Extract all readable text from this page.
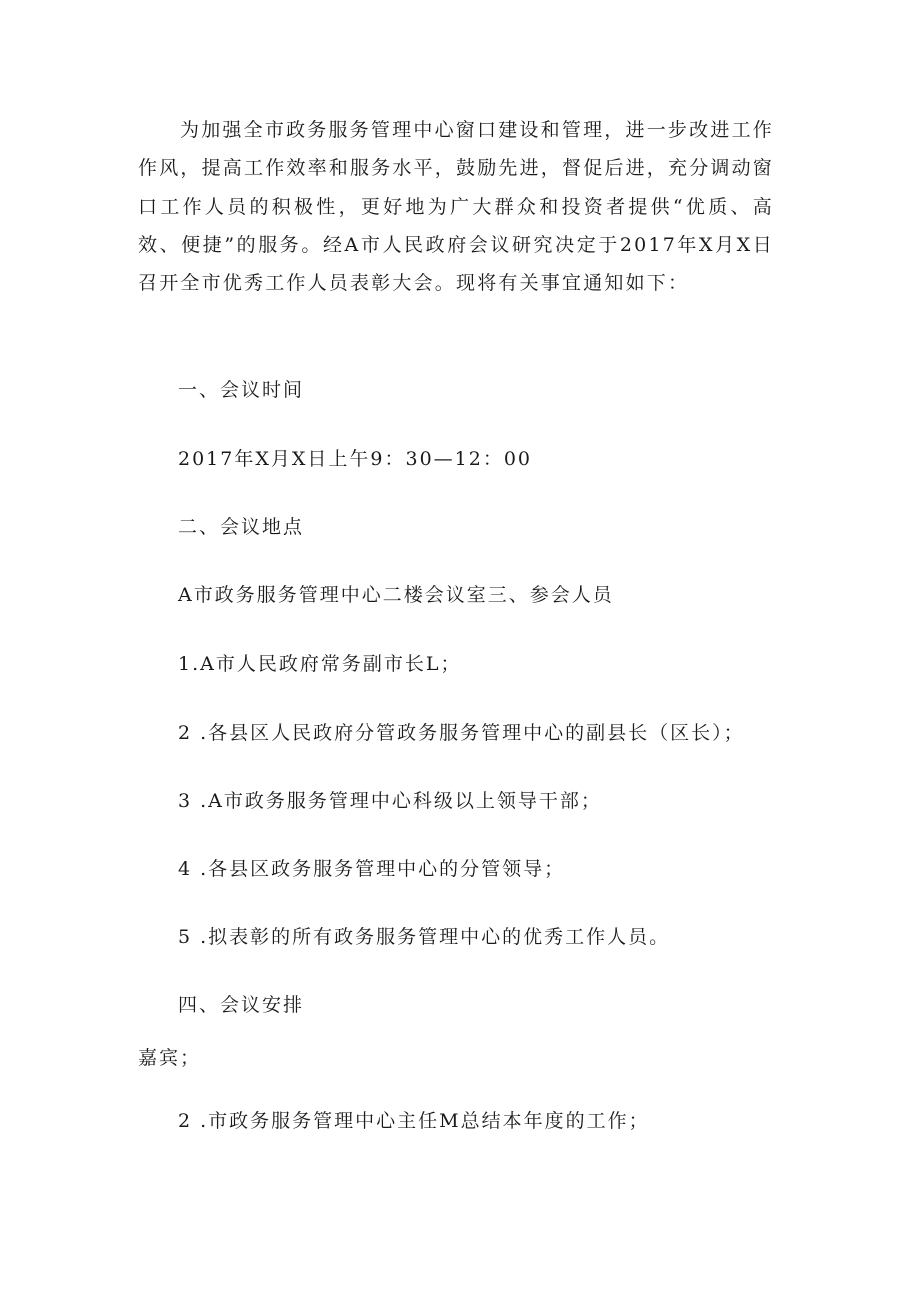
为加强全市政务服务管理中心窗口建设和管理，进一步改进工作作风，提高工作效率和服务水平，鼓励先进，督促后进，充分调动窗口工作人员的积极性，更好地为广大群众和投资者提供“优质、高效、便捷”的服务。经A市人民政府会议研究决定于2017年X月X日召开全市优秀工作人员表彰大会。现将有关事宜通知如下：

一、会议时间

2017年X月X日上午9：30—12：00

二、会议地点

A市政务服务管理中心二楼会议室三、参会人员

1.A市人民政府常务副市长L；

2 .各县区人民政府分管政务服务管理中心的副县长（区长）；

3 .A市政务服务管理中心科级以上领导干部；

4 .各县区政务服务管理中心的分管领导；

5 .拟表彰的所有政务服务管理中心的优秀工作人员。

四、会议安排

嘉宾；

2 .市政务服务管理中心主任M总结本年度的工作；
